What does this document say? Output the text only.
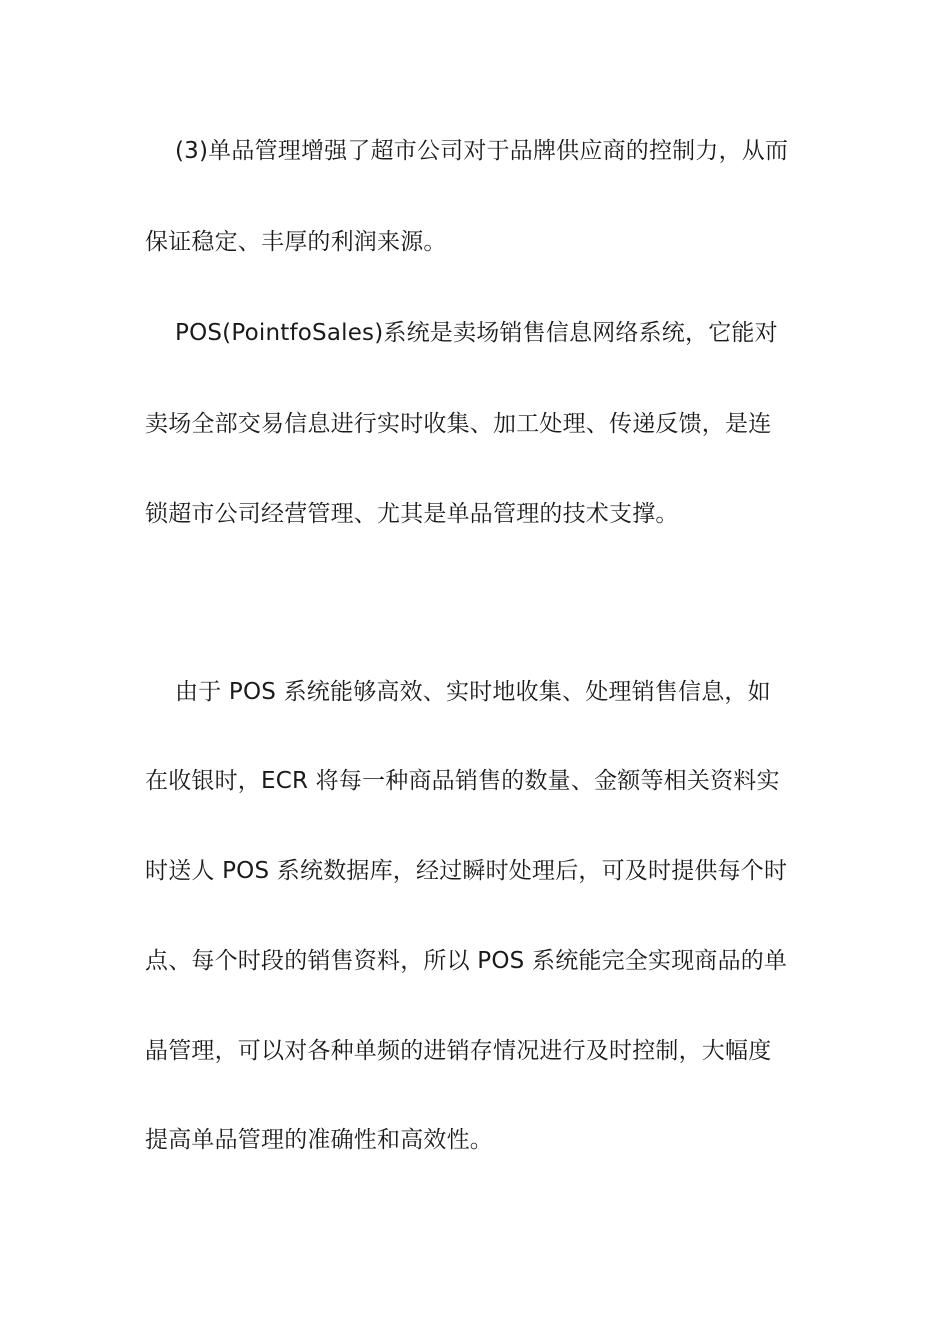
(3)单品管理增强了超市公司对于品牌供应商的控制力，从而
保证稳定、丰厚的利润来源。
POS(PointfoSales)系统是卖场销售信息网络系统，它能对
卖场全部交易信息进行实时收集、加工处理、传递反馈，是连
锁超市公司经营管理、尤其是单品管理的技术支撑。
由于 POS 系统能够高效、实时地收集、处理销售信息，如
在收银时，ECR 将每一种商品销售的数量、金额等相关资料实
时送人 POS 系统数据库，经过瞬时处理后，可及时提供每个时
点、每个时段的销售资料，所以 POS 系统能完全实现商品的单
晶管理，可以对各种单频的进销存情况进行及时控制，大幅度
提高单品管理的准确性和高效性。
